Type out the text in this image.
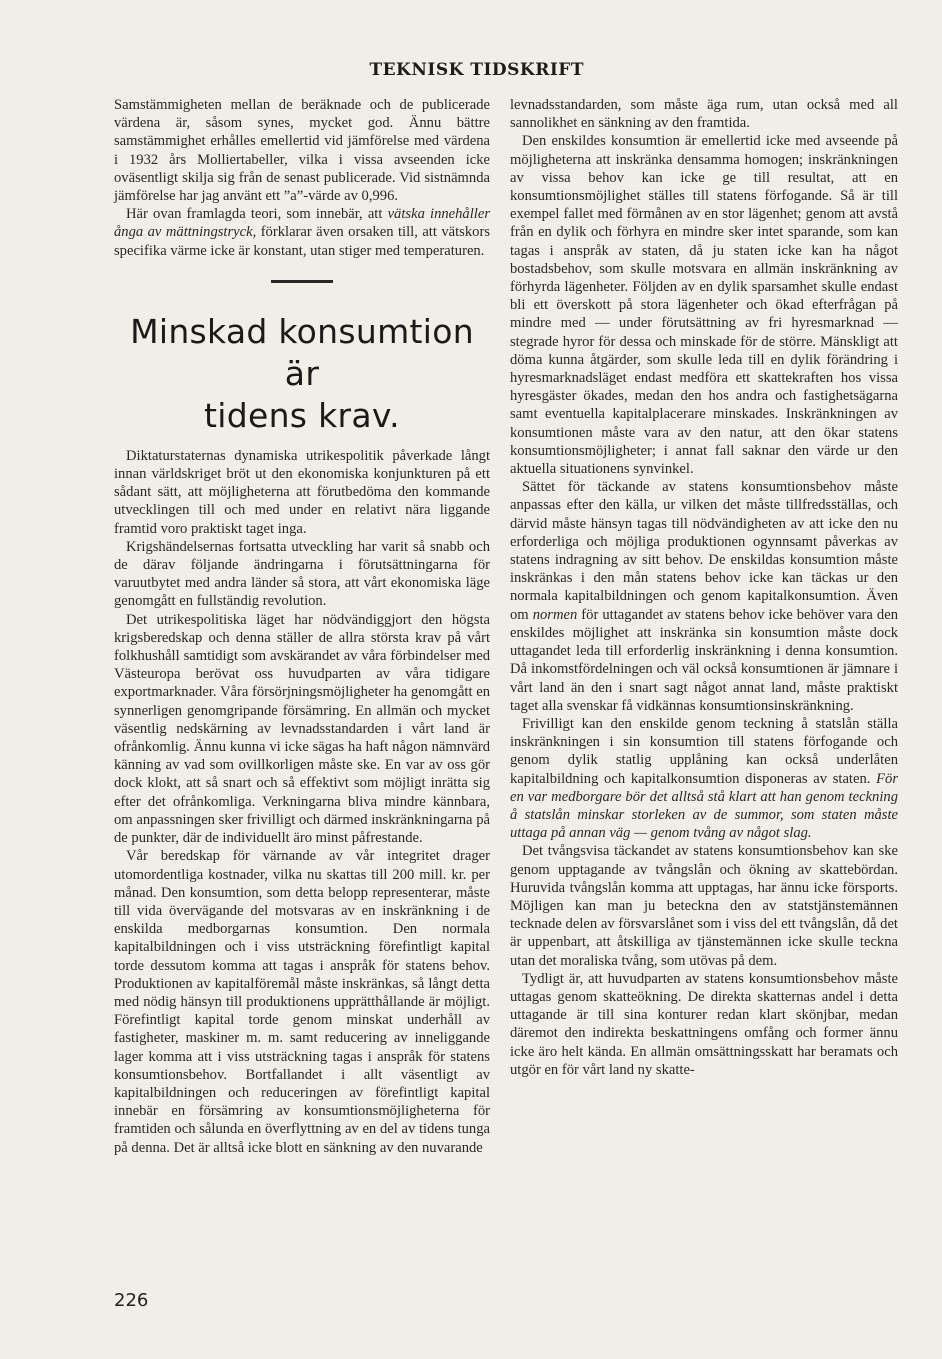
TEKNISK TIDSKRIFT

Samstämmigheten mellan de beräknade och de publicerade värdena är, såsom synes, mycket god. Ännu bättre samstämmighet erhålles emellertid vid jämförelse med värdena i 1932 års Molliertabeller, vilka i vissa avseenden icke oväsentligt skilja sig från de senast publicerade. Vid sistnämnda jämförelse har jag använt ett ”a”-värde av 0,996.

Här ovan framlagda teori, som innebär, att vätska innehåller ånga av mättningstryck, förklarar även orsaken till, att vätskors specifika värme icke är konstant, utan stiger med temperaturen.

Minskad konsumtion är
tidens krav.

Diktaturstaternas dynamiska utrikespolitik påverkade långt innan världskriget bröt ut den ekonomiska konjunkturen på ett sådant sätt, att möjligheterna att förutbedöma den kommande utvecklingen till och med under en relativt nära liggande framtid voro praktiskt taget inga.

Krigshändelsernas fortsatta utveckling har varit så snabb och de därav följande ändringarna i förutsättningarna för varuutbytet med andra länder så stora, att vårt ekonomiska läge genomgått en fullständig revolution.

Det utrikespolitiska läget har nödvändiggjort den högsta krigsberedskap och denna ställer de allra största krav på vårt folkhushåll samtidigt som avskärandet av våra förbindelser med Västeuropa berövat oss huvudparten av våra tidigare exportmarknader. Våra försörjningsmöjligheter ha genomgått en synnerligen genomgripande försämring. En allmän och mycket väsentlig nedskärning av levnadsstandarden i vårt land är ofrånkomlig. Ännu kunna vi icke sägas ha haft någon nämnvärd känning av vad som ovillkorligen måste ske. En var av oss gör dock klokt, att så snart och så effektivt som möjligt inrätta sig efter det ofrånkomliga. Verkningarna bliva mindre kännbara, om anpassningen sker frivilligt och därmed inskränkningarna på de punkter, där de individuellt äro minst påfrestande.

Vår beredskap för värnande av vår integritet drager utomordentliga kostnader, vilka nu skattas till 200 mill. kr. per månad. Den konsumtion, som detta belopp representerar, måste till vida övervägande del motsvaras av en inskränkning i de enskilda medborgarnas konsumtion. Den normala kapitalbildningen och i viss utsträckning förefintligt kapital torde dessutom komma att tagas i anspråk för statens behov. Produktionen av kapitalföremål måste inskränkas, så långt detta med nödig hänsyn till produktionens upprätthållande är möjligt. Förefintligt kapital torde genom minskat underhåll av fastigheter, maskiner m. m. samt reducering av inneliggande lager komma att i viss utsträckning tagas i anspråk för statens konsumtionsbehov. Bortfallandet i allt väsentligt av kapitalbildningen och reduceringen av förefintligt kapital innebär en försämring av konsumtionsmöjligheterna för framtiden och sålunda en överflyttning av en del av tidens tunga på denna. Det är alltså icke blott en sänkning av den nuvarande

levnadsstandarden, som måste äga rum, utan också med all sannolikhet en sänkning av den framtida.

Den enskildes konsumtion är emellertid icke med avseende på möjligheterna att inskränka densamma homogen; inskränkningen av vissa behov kan icke ge till resultat, att en konsumtionsmöjlighet ställes till statens förfogande. Så är till exempel fallet med förmånen av en stor lägenhet; genom att avstå från en dylik och förhyra en mindre sker intet sparande, som kan tagas i anspråk av staten, då ju staten icke kan ha något bostadsbehov, som skulle motsvara en allmän inskränkning av förhyrda lägenheter. Följden av en dylik sparsamhet skulle endast bli ett överskott på stora lägenheter och ökad efterfrågan på mindre med — under förutsättning av fri hyresmarknad — stegrade hyror för dessa och minskade för de större. Mänskligt att döma kunna åtgärder, som skulle leda till en dylik förändring i hyresmarknadsläget endast medföra ett skattekraften hos vissa hyresgäster ökades, medan den hos andra och fastighetsägarna samt eventuella kapitalplacerare minskades. Inskränkningen av konsumtionen måste vara av den natur, att den ökar statens konsumtionsmöjligheter; i annat fall saknar den värde ur den aktuella situationens synvinkel.

Sättet för täckande av statens konsumtionsbehov måste anpassas efter den källa, ur vilken det måste tillfredsställas, och därvid måste hänsyn tagas till nödvändigheten av att icke den nu erforderliga och möjliga produktionen ogynnsamt påverkas av statens indragning av sitt behov. De enskildas konsumtion måste inskränkas i den mån statens behov icke kan täckas ur den normala kapitalbildningen och genom kapitalkonsumtion. Även om normen för uttagandet av statens behov icke behöver vara den enskildes möjlighet att inskränka sin konsumtion måste dock uttagandet leda till erforderlig inskränkning i denna konsumtion. Då inkomstfördelningen och väl också konsumtionen är jämnare i vårt land än den i snart sagt något annat land, måste praktiskt taget alla svenskar få vidkännas konsumtionsinskränkning.

Frivilligt kan den enskilde genom teckning å statslån ställa inskränkningen i sin konsumtion till statens förfogande och genom dylik statlig upplåning kan också underlåten kapitalbildning och kapitalkonsumtion disponeras av staten. För en var medborgare bör det alltså stå klart att han genom teckning å statslån minskar storleken av de summor, som staten måste uttaga på annan väg — genom tvång av något slag.

Det tvångsvisa täckandet av statens konsumtionsbehov kan ske genom upptagande av tvångslån och ökning av skattebördan. Huruvida tvångslån komma att upptagas, har ännu icke försports. Möjligen kan man ju beteckna den av statstjänstemännen tecknade delen av försvarslånet som i viss del ett tvångslån, då det är uppenbart, att åtskilliga av tjänstemännen icke skulle teckna utan det moraliska tvång, som utövas på dem.

Tydligt är, att huvudparten av statens konsumtionsbehov måste uttagas genom skatteökning. De direkta skatternas andel i detta uttagande är till sina konturer redan klart skönjbar, medan däremot den indirekta beskattningens omfång och former ännu icke äro helt kända. En allmän omsättningsskatt har beramats och utgör en för vårt land ny skatte-

226
